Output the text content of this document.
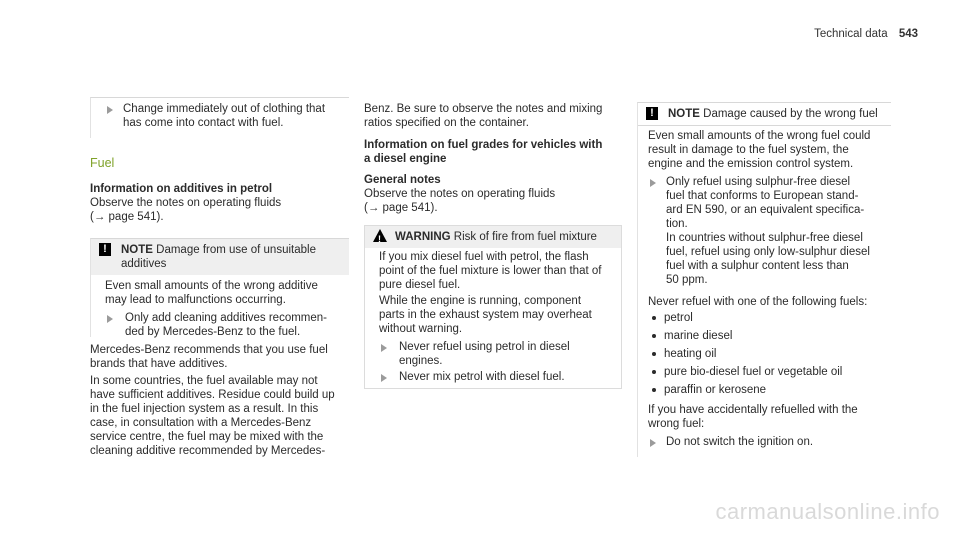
Technical data 543
Change immediately out of clothing that
has come into contact with fuel.
Fuel
Information on additives in petrol
Observe the notes on operating fluids
(→ page 541).
!	NOTE Damage from use of unsuitable
additives
Even small amounts of the wrong additive
may lead to malfunctions occurring.
Only add cleaning additives recommen-
ded by Mercedes-Benz to the fuel.
Mercedes-Benz recommends that you use fuel
brands that have additives.
In some countries, the fuel available may not
have sufficient additives. Residue could build up
in the fuel injection system as a result. In this
case, in consultation with a Mercedes-Benz
service centre, the fuel may be mixed with the
cleaning additive recommended by Mercedes-
Benz. Be sure to observe the notes and mixing
ratios specified on the container.
Information on fuel grades for vehicles with
a diesel engine
General notes
Observe the notes on operating fluids
(→ page 541).
! WARNING Risk of fire from fuel mixture
If you mix diesel fuel with petrol, the flash
point of the fuel mixture is lower than that of
pure diesel fuel.
While the engine is running, component
parts in the exhaust system may overheat
without warning.
Never refuel using petrol in diesel
engines.
Never mix petrol with diesel fuel.
!	NOTE Damage caused by the wrong fuel
Even small amounts of the wrong fuel could
result in damage to the fuel system, the
engine and the emission control system.
Only refuel using sulphur-free diesel
fuel that conforms to European stand-
ard EN 590, or an equivalent specifica-
tion.
In countries without sulphur-free diesel
fuel, refuel using only low-sulphur diesel
fuel with a sulphur content less than
50 ppm.
Never refuel with one of the following fuels:
petrol
marine diesel
heating oil
pure bio-diesel fuel or vegetable oil
paraffin or kerosene
If you have accidentally refuelled with the
wrong fuel:
Do not switch the ignition on.
carmanualsonline.info
